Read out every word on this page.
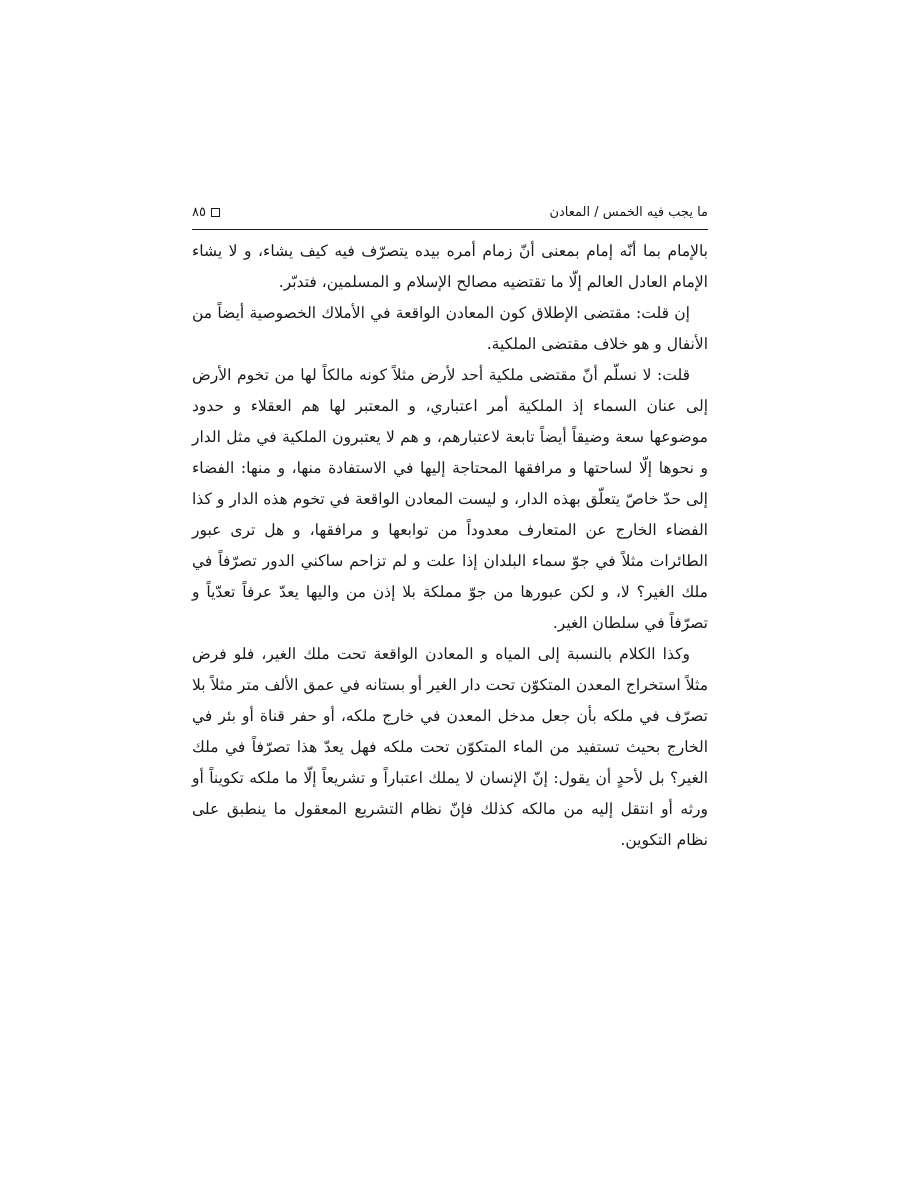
ما يجب فيه الخمس / المعادن
٨٥

بالإمام بما أنّه إمام بمعنى أنّ زمام أمره بيده يتصرّف فيه كيف يشاء، و لا يشاء الإمام العادل العالم إلّا ما تقتضيه مصالح الإسلام و المسلمين، فتدبّر.

إن قلت: مقتضى الإطلاق كون المعادن الواقعة في الأملاك الخصوصية أيضاً من الأنفال و هو خلاف مقتضى الملكية.

قلت: لا نسلّم أنّ مقتضى ملكية أحد لأرض مثلاً كونه مالكاً لها من تخوم الأرض إلى عنان السماء إذ الملكية أمر اعتباري، و المعتبر لها هم العقلاء و حدود موضوعها سعة وضيقاً أيضاً تابعة لاعتبارهم، و هم لا يعتبرون الملكية في مثل الدار و نحوها إلّا لساحتها و مرافقها المحتاجة إليها في الاستفادة منها، و منها: الفضاء إلى حدّ خاصّ يتعلّق بهذه الدار، و ليست المعادن الواقعة في تخوم هذه الدار و كذا الفضاء الخارج عن المتعارف معدوداً من توابعها و مرافقها، و هل ترى عبور الطائرات مثلاً في جوّ سماء البلدان إذا علت و لم تزاحم ساكني الدور تصرّفاً في ملك الغير؟ لا، و لكن عبورها من جوّ مملكة بلا إذن من واليها يعدّ عرفاً تعدّياً و تصرّفاً في سلطان الغير.

وكذا الكلام بالنسبة إلى المياه و المعادن الواقعة تحت ملك الغير، فلو فرض مثلاً استخراج المعدن المتكوّن تحت دار الغير أو بستانه في عمق الألف متر مثلاً بلا تصرّف في ملكه بأن جعل مدخل المعدن في خارج ملكه، أو حفر قناة أو بئر في الخارج بحيث تستفيد من الماء المتكوّن تحت ملكه فهل يعدّ هذا تصرّفاً في ملك الغير؟ بل لأحدٍ أن يقول: إنّ الإنسان لا يملك اعتباراً و تشريعاً إلّا ما ملكه تكويناً أو ورثه أو انتقل إليه من مالكه كذلك فإنّ نظام التشريع المعقول ما ينطبق على نظام التكوين.
